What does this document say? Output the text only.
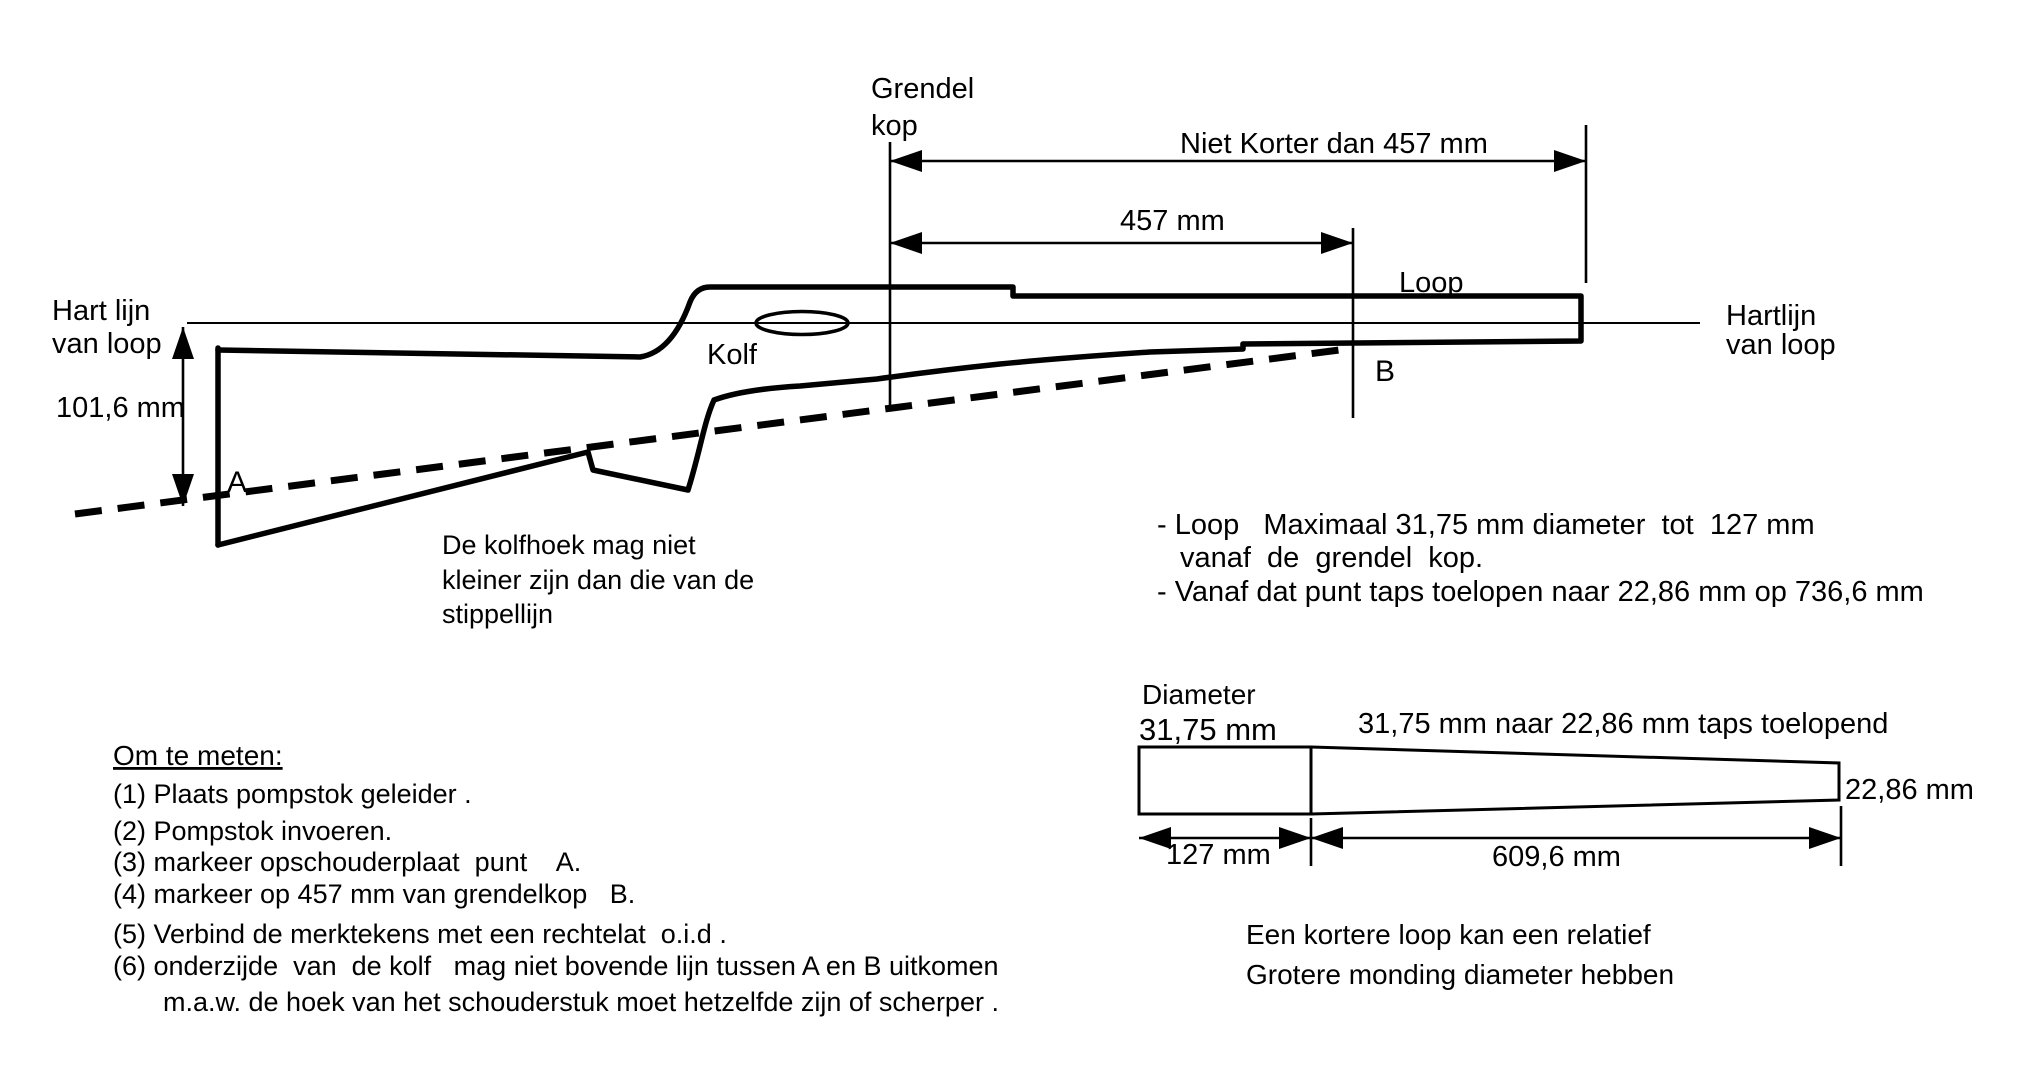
Grendel
kop
Niet Korter dan 457 mm
457 mm
Hart lijn
van loop
101,6 mm
Kolf
Loop
Hartlijn
van loop
A
B
De kolfhoek mag niet
kleiner zijn dan die van de
stippellijn
- Loop   Maximaal 31,75 mm diameter  tot  127 mm
vanaf  de  grendel  kop.
- Vanaf dat punt taps toelopen naar 22,86 mm op 736,6 mm
Diameter
31,75 mm	31,75 mm naar 22,86 mm taps toelopend
22,86 mm
127 mm	609,6 mm
Een kortere loop kan een relatief
Grotere monding diameter hebben
Om te meten:
(1) Plaats pompstok geleider .
(2) Pompstok invoeren.
(3) markeer opschouderplaat  punt    A.
(4) markeer op 457 mm van grendelkop   B.
(5) Verbind de merktekens met een rechtelat  o.i.d .
(6) onderzijde  van  de kolf   mag niet bovende lijn tussen A en B uitkomen
m.a.w. de hoek van het schouderstuk moet hetzelfde zijn of scherper .
